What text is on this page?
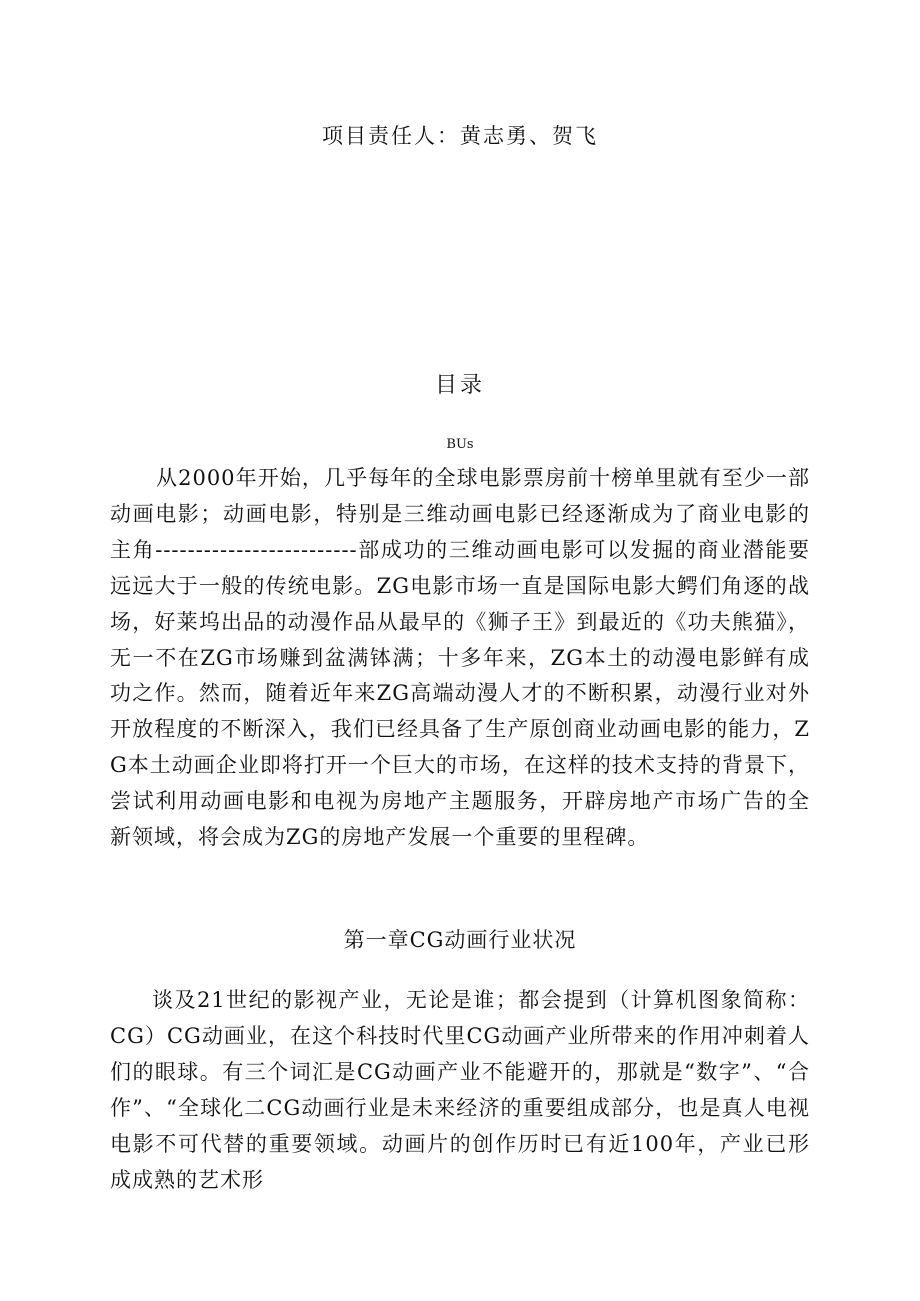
项目责任人：黄志勇、贺飞
目录
BUs
从2000年开始，几乎每年的全球电影票房前十榜单里就有至少一部动画电影；动画电影，特别是三维动画电影已经逐渐成为了商业电影的主角-------------------------部成功的三维动画电影可以发掘的商业潜能要远远大于一般的传统电影。ZG电影市场一直是国际电影大鳄们角逐的战场，好莱坞出品的动漫作品从最早的《狮子王》到最近的《功夫熊猫》，无一不在ZG市场赚到盆满钵满；十多年来，ZG本土的动漫电影鲜有成功之作。然而，随着近年来ZG高端动漫人才的不断积累，动漫行业对外开放程度的不断深入，我们已经具备了生产原创商业动画电影的能力，ZG本土动画企业即将打开一个巨大的市场，在这样的技术支持的背景下，尝试利用动画电影和电视为房地产主题服务，开辟房地产市场广告的全新领域，将会成为ZG的房地产发展一个重要的里程碑。
第一章CG动画行业状况
谈及21世纪的影视产业，无论是谁；都会提到（计算机图象简称：CG）CG动画业，在这个科技时代里CG动画产业所带来的作用冲刺着人们的眼球。有三个词汇是CG动画产业不能避开的，那就是“数字”、“合作”、“全球化二CG动画行业是未来经济的重要组成部分，也是真人电视电影不可代替的重要领域。动画片的创作历时已有近100年，产业已形成成熟的艺术形
